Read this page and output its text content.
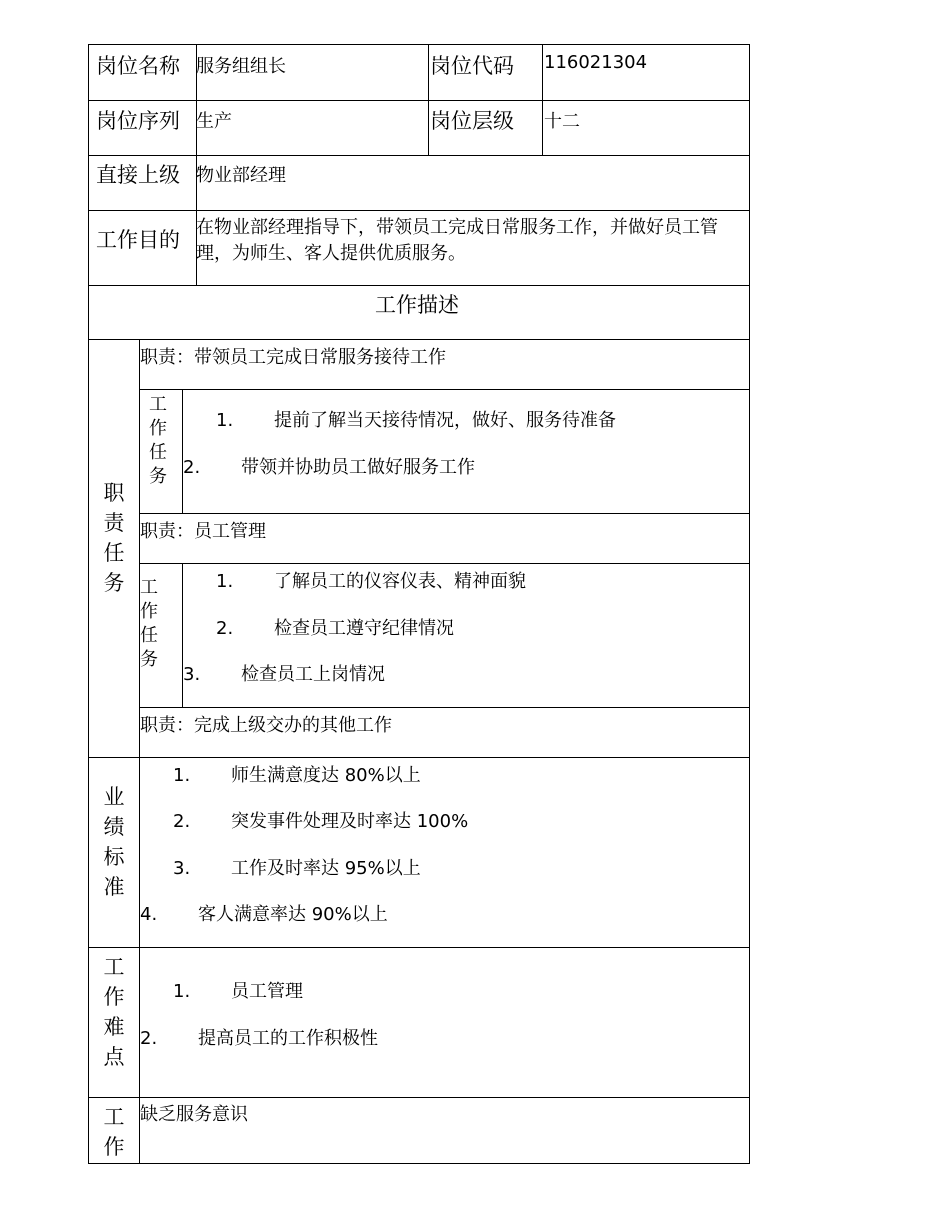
岗位名称 服务组组长	岗位代码 116021304
岗位序列 生产	岗位层级 十二
直接上级 物业部经理
工作目的
在物业部经理指导下，带领员工完成日常服务工作，并做好员工管
理，为师生、客人提供优质服务。
工作描述
职
责
任
务
职责：带领员工完成日常服务接待工作
工
作
任
务
1. 提前了解当天接待情况，做好、服务待准备
2. 带领并协助员工做好服务工作
职责：员工管理
工
作
任
务
1. 了解员工的仪容仪表、精神面貌
2. 检查员工遵守纪律情况
3. 检查员工上岗情况
职责：完成上级交办的其他工作
业
绩
标
准
1. 师生满意度达 80%以上
2. 突发事件处理及时率达 100%
3. 工作及时率达 95%以上
4. 客人满意率达 90%以上
工
作
难
点
1. 员工管理
2. 提高员工的工作积极性
工
作
缺乏服务意识
